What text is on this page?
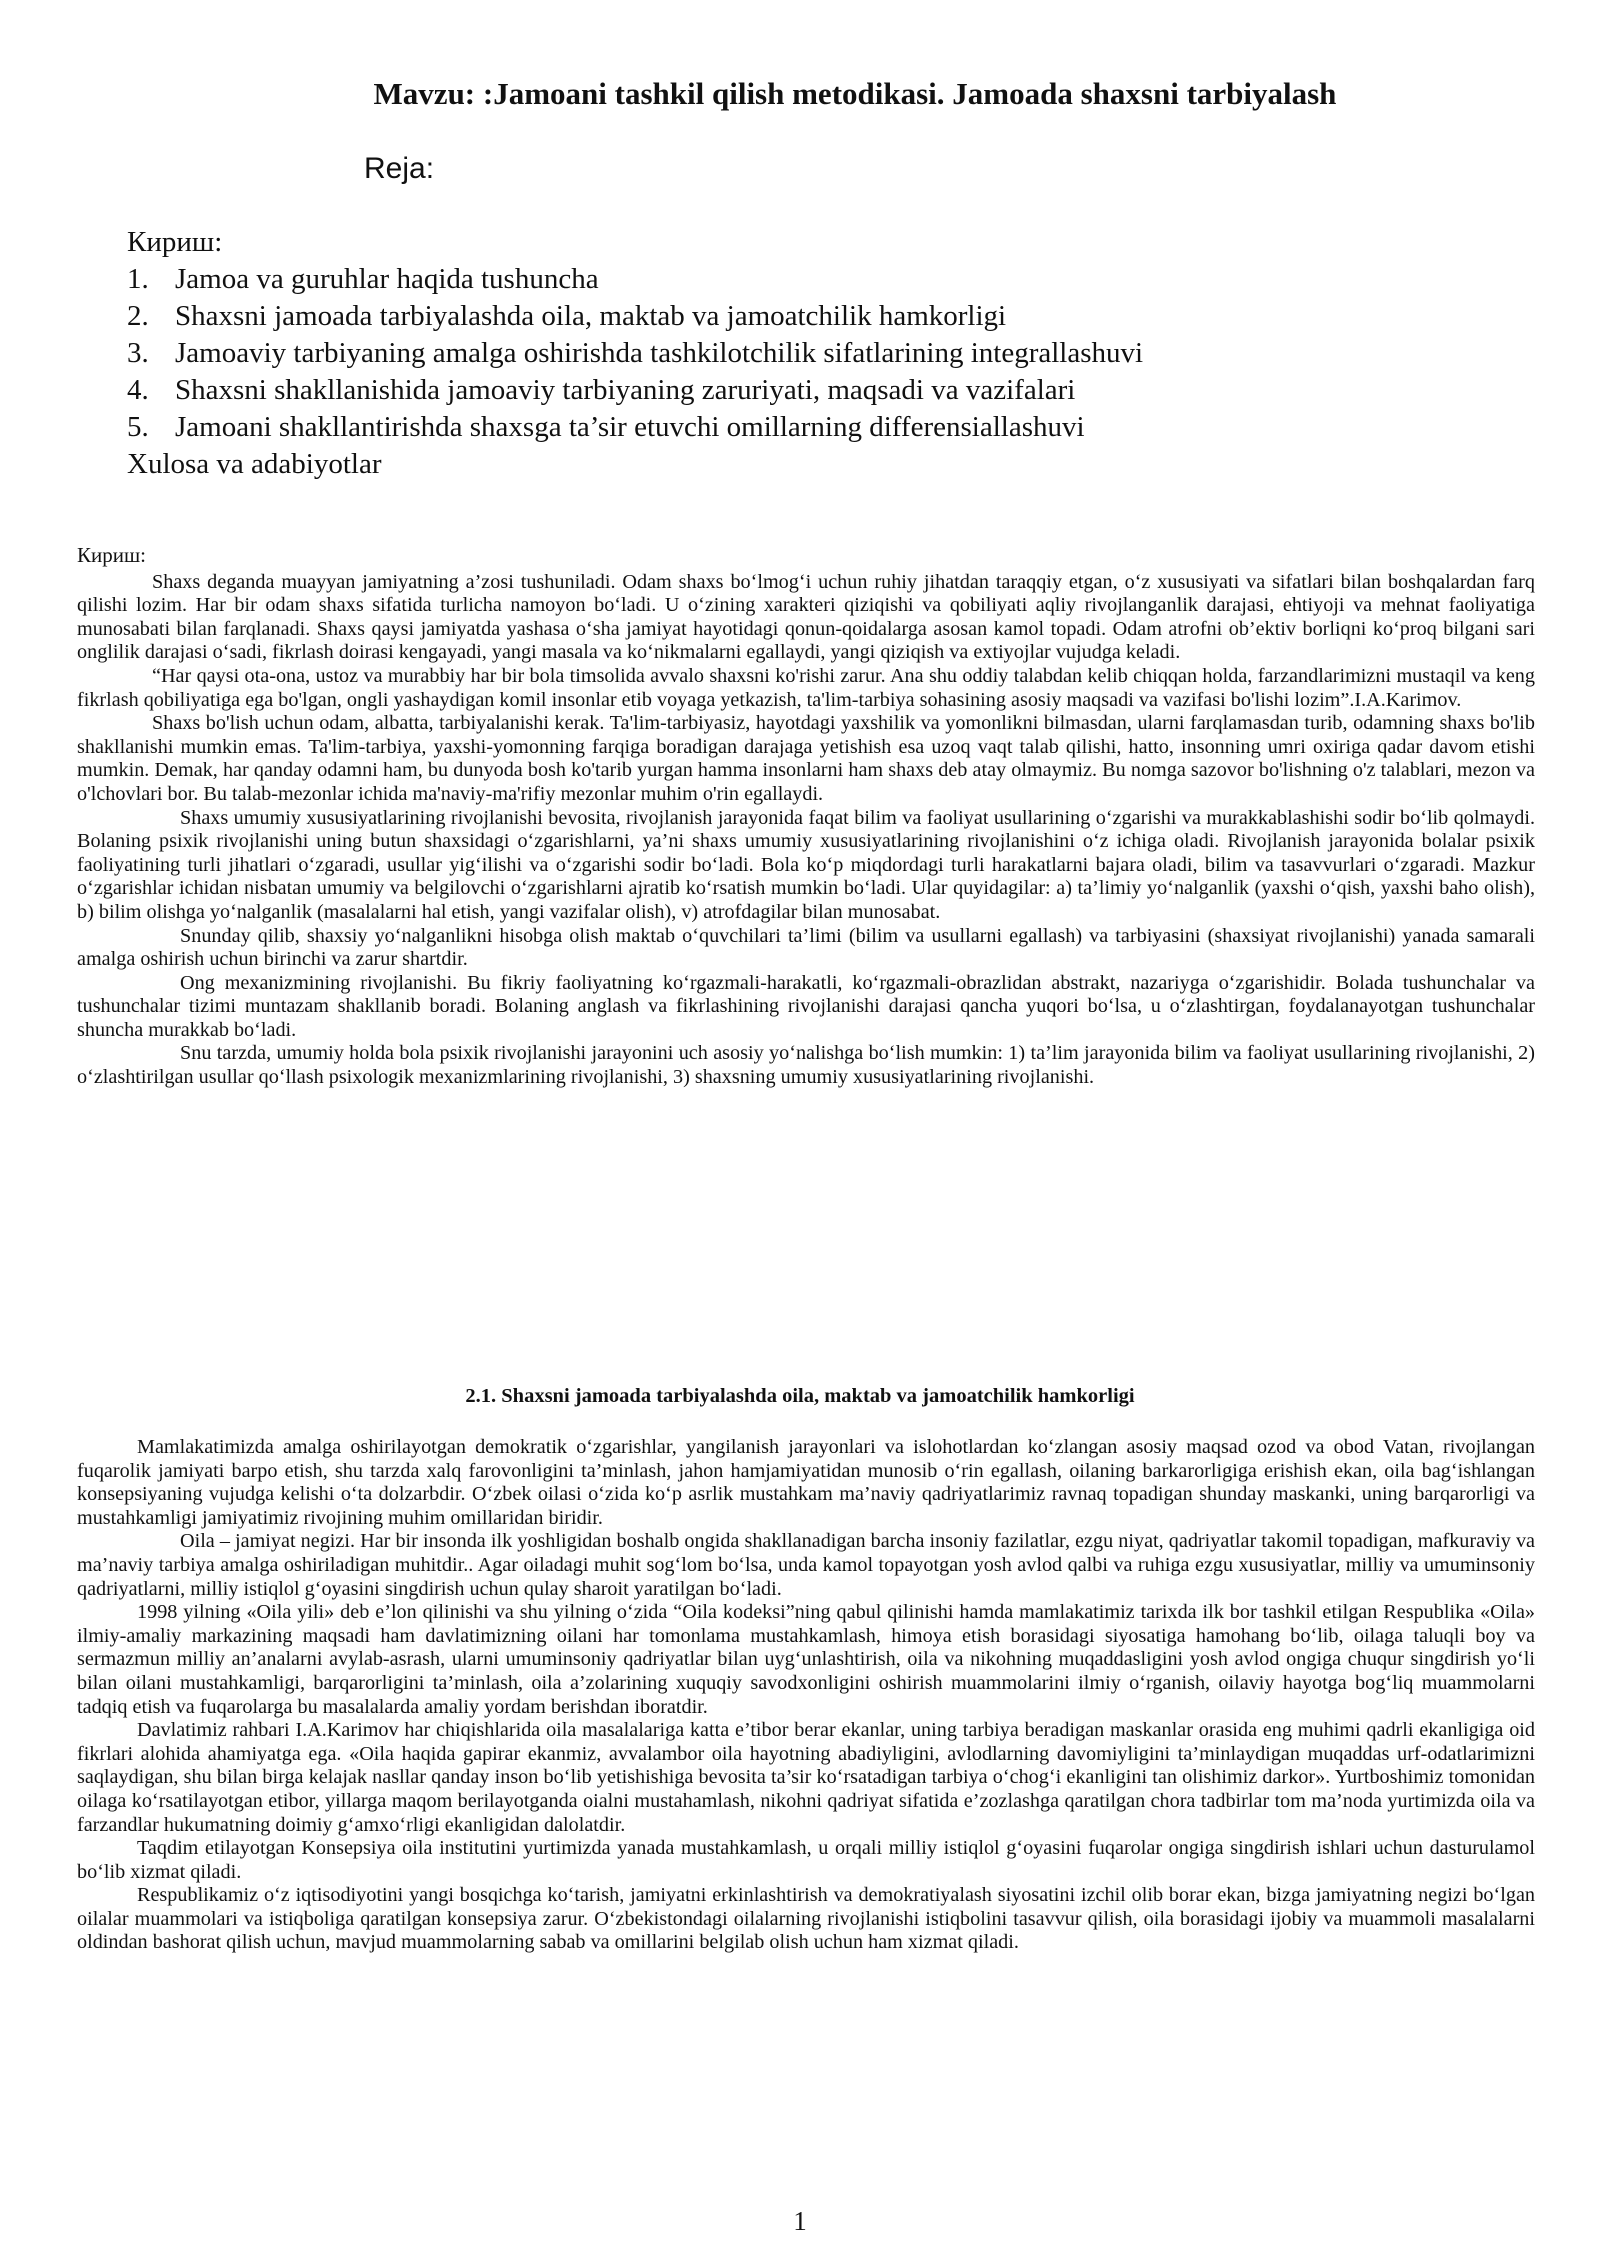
Mavzu: :Jamoani tashkil qilish metodikasi. Jamoada shaxsni tarbiyalash
Reja:
Кириш:
1. Jamoa va guruhlar haqida tushuncha
2. Shaxsni jamoada tarbiyalashda oila, maktab va jamoatchilik hamkorligi
3. Jamoaviy tarbiyaning amalga oshirishda tashkilotchilik sifatlarining integrallashuvi
4. Shaxsni shakllanishida jamoaviy tarbiyaning zaruriyati, maqsadi va vazifalari
5. Jamoani shakllantirishda shaxsga ta’sir etuvchi omillarning differensiallashuvi
Xulosa va adabiyotlar

Кириш:

Shaxs deganda muayyan jamiyatning a’zosi tushuniladi. Odam shaxs bo‘lmog‘i uchun ruhiy jihatdan taraqqiy etgan, o‘z xususiyati va sifatlari bilan boshqalardan farq qilishi lozim. Har bir odam shaxs sifatida turlicha namoyon bo‘ladi. U o‘zining xarakteri qiziqishi va qobiliyati aqliy rivojlanganlik darajasi, ehtiyoji va mehnat faoliyatiga munosabati bilan farqlanadi. Shaxs qaysi jamiyatda yashasa o‘sha jamiyat hayotidagi qonun-qoidalarga asosan kamol topadi. Odam atrofni ob’ektiv borliqni ko‘proq bilgani sari onglilik darajasi o‘sadi, fikrlash doirasi kengayadi, yangi masala va ko‘nikmalarni egallaydi, yangi qiziqish va extiyojlar vujudga keladi.

“Har qaysi ota-ona, ustoz va murabbiy har bir bola timsolida avvalo shaxsni ko'rishi zarur. Ana shu oddiy talabdan kelib chiqqan holda, farzandlarimizni mustaqil va keng fikrlash qobiliyatiga ega bo'lgan, ongli yashaydigan komil insonlar etib voyaga yetkazish, ta'lim-tarbiya sohasining asosiy maqsadi va vazifasi bo'lishi lozim”.I.A.Karimov.

Shaxs bo'lish uchun odam, albatta, tarbiyalanishi kerak. Ta'lim-tarbiyasiz, hayotdagi yaxshilik va yomonlikni bilmasdan, ularni farqlamasdan turib, odamning shaxs bo'lib shakllanishi mumkin emas. Ta'lim-tarbiya, yaxshi-yomonning farqiga boradigan darajaga yetishish esa uzoq vaqt talab qilishi, hatto, insonning umri oxiriga qadar davom etishi mumkin. Demak, har qanday odamni ham, bu dunyoda bosh ko'tarib yurgan hamma insonlarni ham shaxs deb atay olmaymiz. Bu nomga sazovor bo'lishning o'z talablari, mezon va o'lchovlari bor. Bu talab-mezonlar ichida ma'naviy-ma'rifiy mezonlar muhim o'rin egallaydi.

Shaxs umumiy xususiyatlarining rivojlanishi bevosita, rivojlanish jarayonida faqat bilim va faoliyat usullarining o‘zgarishi va murakkablashishi sodir bo‘lib qolmaydi. Bolaning psixik rivojlanishi uning butun shaxsidagi o‘zgarishlarni, ya’ni shaxs umumiy xususiyatlarining rivojlanishini o‘z ichiga oladi. Rivojlanish jarayonida bolalar psixik faoliyatining turli jihatlari o‘zgaradi, usullar yig‘ilishi va o‘zgarishi sodir bo‘ladi. Bola ko‘p miqdordagi turli harakatlarni bajara oladi, bilim va tasavvurlari o‘zgaradi. Mazkur o‘zgarishlar ichidan nisbatan umumiy va belgilovchi o‘zgarishlarni ajratib ko‘rsatish mumkin bo‘ladi. Ular quyidagilar: a) ta’limiy yo‘nalganlik (yaxshi o‘qish, yaxshi baho olish), b) bilim olishga yo‘nalganlik (masalalarni hal etish, yangi vazifalar olish), v) atrofdagilar bilan munosabat.

Snunday qilib, shaxsiy yo‘nalganlikni hisobga olish maktab o‘quvchilari ta’limi (bilim va usullarni egallash) va tarbiyasini (shaxsiyat rivojlanishi) yanada samarali amalga oshirish uchun birinchi va zarur shartdir.

Ong mexanizmining rivojlanishi. Bu fikriy faoliyatning ko‘rgazmali-harakatli, ko‘rgazmali-obrazlidan abstrakt, nazariyga o‘zgarishidir. Bolada tushunchalar va tushunchalar tizimi muntazam shakllanib boradi. Bolaning anglash va fikrlashining rivojlanishi darajasi qancha yuqori bo‘lsa, u o‘zlashtirgan, foydalanayotgan tushunchalar shuncha murakkab bo‘ladi.

Snu tarzda, umumiy holda bola psixik rivojlanishi jarayonini uch asosiy yo‘nalishga bo‘lish mumkin: 1) ta’lim jarayonida bilim va faoliyat usullarining rivojlanishi, 2) o‘zlashtirilgan usullar qo‘llash psixologik mexanizmlarining rivojlanishi, 3) shaxsning umumiy xususiyatlarining rivojlanishi.

2.1. Shaxsni jamoada tarbiyalashda oila, maktab va jamoatchilik hamkorligi

Mamlakatimizda amalga oshirilayotgan demokratik o‘zgarishlar, yangilanish jarayonlari va islohotlardan ko‘zlangan asosiy maqsad ozod va obod Vatan, rivojlangan fuqarolik jamiyati barpo etish, shu tarzda xalq farovonligini ta’minlash, jahon hamjamiyatidan munosib o‘rin egallash, oilaning barkarorligiga erishish ekan, oila bag‘ishlangan konsepsiyaning vujudga kelishi o‘ta dolzarbdir. O‘zbek oilasi o‘zida ko‘p asrlik mustahkam ma’naviy qadriyatlarimiz ravnaq topadigan shunday maskanki, uning barqarorligi va mustahkamligi jamiyatimiz rivojining muhim omillaridan biridir.

Oila – jamiyat negizi. Har bir insonda ilk yoshligidan boshalb ongida shakllanadigan barcha insoniy fazilatlar, ezgu niyat, qadriyatlar takomil topadigan, mafkuraviy va ma’naviy tarbiya amalga oshiriladigan muhitdir.. Agar oiladagi muhit sog‘lom bo‘lsa, unda kamol topayotgan yosh avlod qalbi va ruhiga ezgu xususiyatlar, milliy va umuminsoniy qadriyatlarni, milliy istiqlol g‘oyasini singdirish uchun qulay sharoit yaratilgan bo‘ladi.

1998 yilning «Oila yili» deb e’lon qilinishi va shu yilning o‘zida “Oila kodeksi”ning qabul qilinishi hamda mamlakatimiz tarixda ilk bor tashkil etilgan Respublika «Oila» ilmiy-amaliy markazining maqsadi ham davlatimizning oilani har tomonlama mustahkamlash, himoya etish borasidagi siyosatiga hamohang bo‘lib, oilaga taluqli boy va sermazmun milliy an’analarni avylab-asrash, ularni umuminsoniy qadriyatlar bilan uyg‘unlashtirish, oila va nikohning muqaddasligini yosh avlod ongiga chuqur singdirish yo‘li bilan oilani mustahkamligi, barqarorligini ta’minlash, oila a’zolarining xuquqiy savodxonligini oshirish muammolarini ilmiy o‘rganish, oilaviy hayotga bog‘liq muammolarni tadqiq etish va fuqarolarga bu masalalarda amaliy yordam berishdan iboratdir.

Davlatimiz rahbari I.A.Karimov har chiqishlarida oila masalalariga katta e’tibor berar ekanlar, uning tarbiya beradigan maskanlar orasida eng muhimi qadrli ekanligiga oid fikrlari alohida ahamiyatga ega. «Oila haqida gapirar ekanmiz, avvalambor oila hayotning abadiyligini, avlodlarning davomiyligini ta’minlaydigan muqaddas urf-odatlarimizni saqlaydigan, shu bilan birga kelajak nasllar qanday inson bo‘lib yetishishiga bevosita ta’sir ko‘rsatadigan tarbiya o‘chog‘i ekanligini tan olishimiz darkor». Yurtboshimiz tomonidan oilaga ko‘rsatilayotgan etibor, yillarga maqom berilayotganda oialni mustahamlash, nikohni qadriyat sifatida e’zozlashga qaratilgan chora tadbirlar tom ma’noda yurtimizda oila va farzandlar hukumatning doimiy g‘amxo‘rligi ekanligidan dalolatdir.

Taqdim etilayotgan Konsepsiya oila institutini yurtimizda yanada mustahkamlash, u orqali milliy istiqlol g‘oyasini fuqarolar ongiga singdirish ishlari uchun dasturulamol bo‘lib xizmat qiladi.

Respublikamiz o‘z iqtisodiyotini yangi bosqichga ko‘tarish, jamiyatni erkinlashtirish va demokratiyalash siyosatini izchil olib borar ekan, bizga jamiyatning negizi bo‘lgan oilalar muammolari va istiqboliga qaratilgan konsepsiya zarur. O‘zbekistondagi oilalarning rivojlanishi istiqbolini tasavvur qilish, oila borasidagi ijobiy va muammoli masalalarni oldindan bashorat qilish uchun, mavjud muammolarning sabab va omillarini belgilab olish uchun ham xizmat qiladi.

1
